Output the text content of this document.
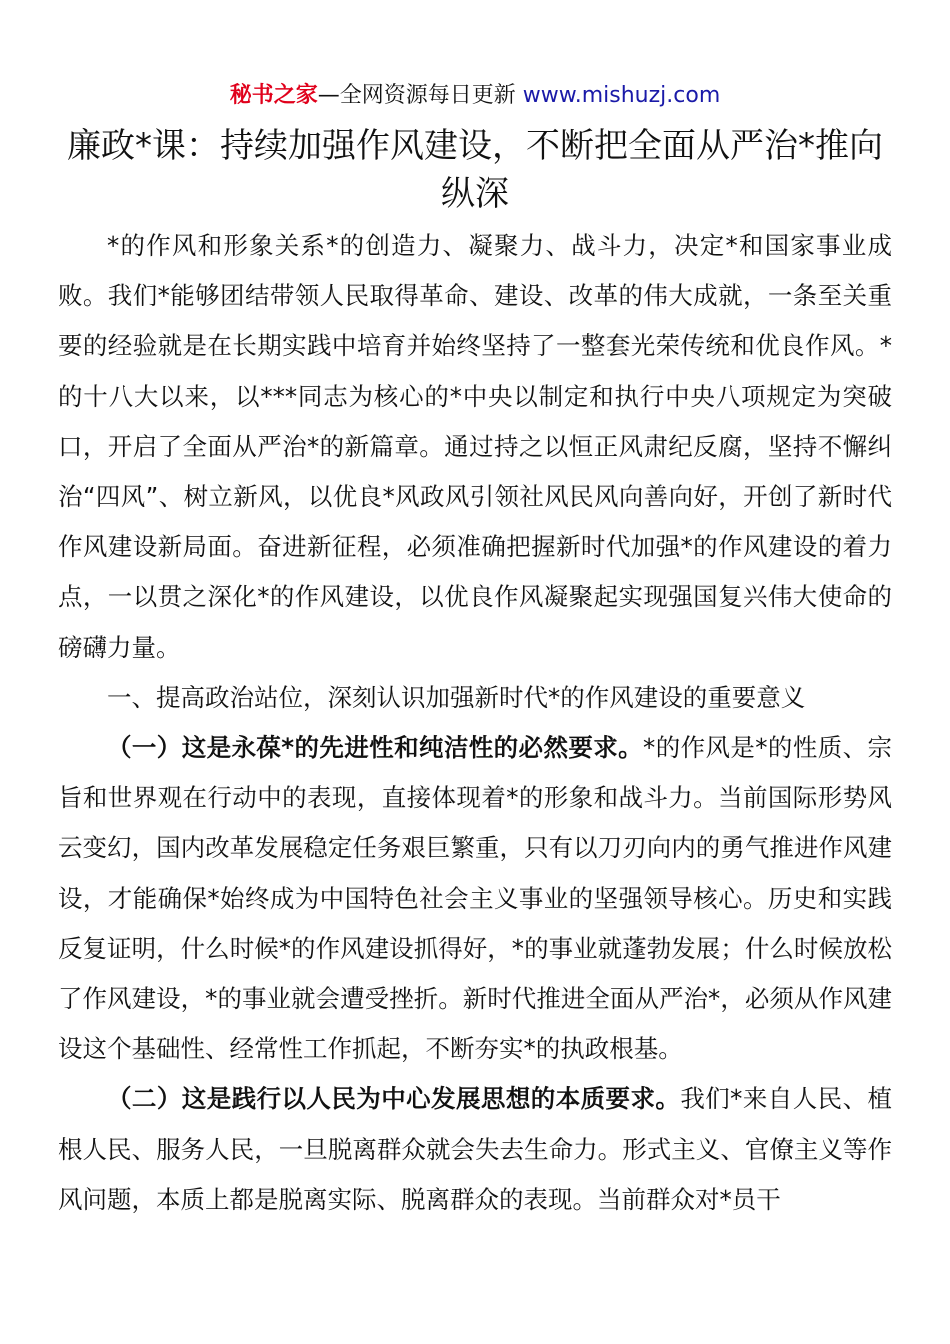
秘书之家—全网资源每日更新 www.mishuzj.com
廉政*课：持续加强作风建设，不断把全面从严治*推向纵深

*的作风和形象关系*的创造力、凝聚力、战斗力，决定*和国家事业成败。我们*能够团结带领人民取得革命、建设、改革的伟大成就，一条至关重要的经验就是在长期实践中培育并始终坚持了一整套光荣传统和优良作风。*的十八大以来，以***同志为核心的*中央以制定和执行中央八项规定为突破口，开启了全面从严治*的新篇章。通过持之以恒正风肃纪反腐，坚持不懈纠治“四风”、树立新风，以优良*风政风引领社风民风向善向好，开创了新时代作风建设新局面。奋进新征程，必须准确把握新时代加强*的作风建设的着力点，一以贯之深化*的作风建设，以优良作风凝聚起实现强国复兴伟大使命的磅礴力量。

一、提高政治站位，深刻认识加强新时代*的作风建设的重要意义

（一）这是永葆*的先进性和纯洁性的必然要求。*的作风是*的性质、宗旨和世界观在行动中的表现，直接体现着*的形象和战斗力。当前国际形势风云变幻，国内改革发展稳定任务艰巨繁重，只有以刀刃向内的勇气推进作风建设，才能确保*始终成为中国特色社会主义事业的坚强领导核心。历史和实践反复证明，什么时候*的作风建设抓得好，*的事业就蓬勃发展；什么时候放松了作风建设，*的事业就会遭受挫折。新时代推进全面从严治*，必须从作风建设这个基础性、经常性工作抓起，不断夯实*的执政根基。

（二）这是践行以人民为中心发展思想的本质要求。我们*来自人民、植根人民、服务人民，一旦脱离群众就会失去生命力。形式主义、官僚主义等作风问题，本质上都是脱离实际、脱离群众的表现。当前群众对*员干
